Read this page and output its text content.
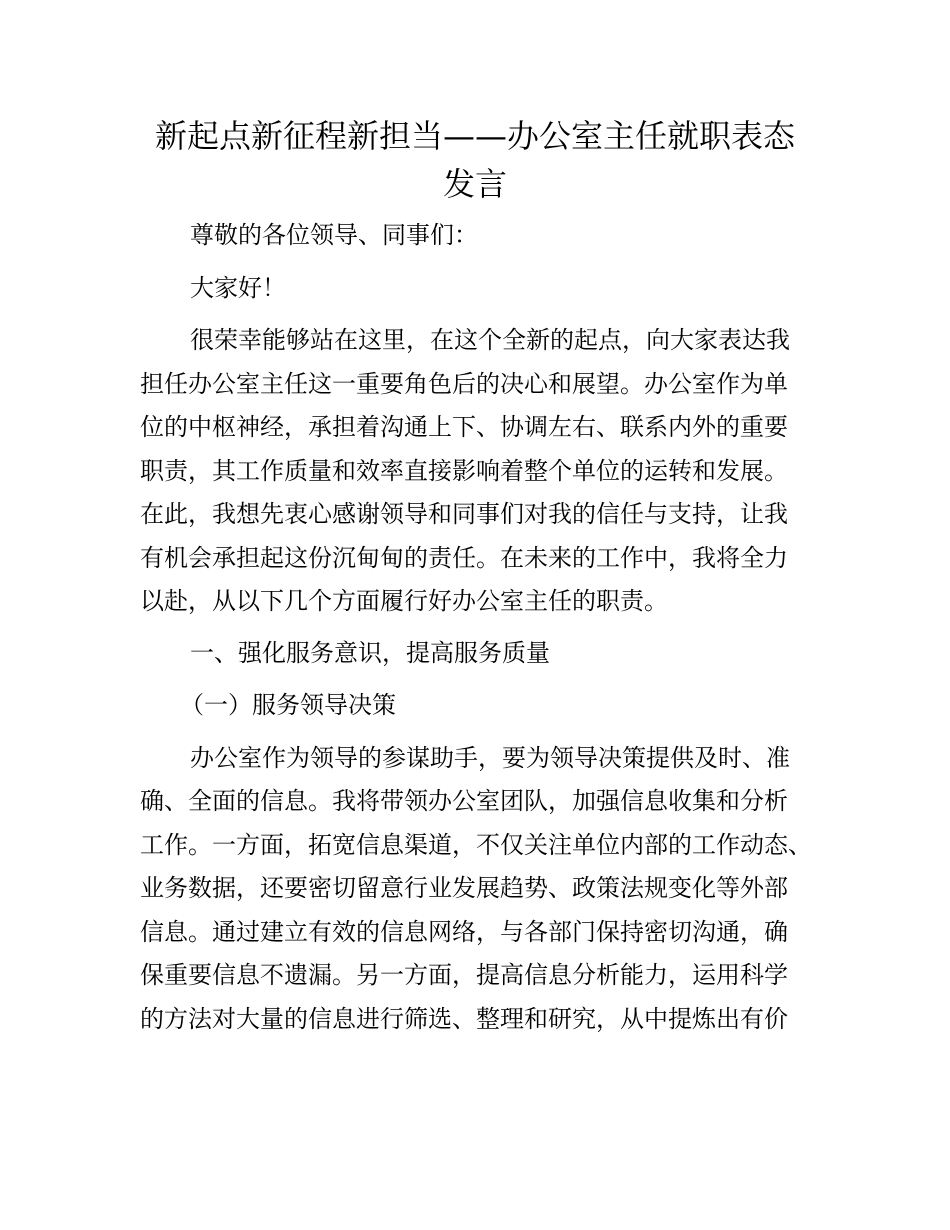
新起点新征程新担当——办公室主任就职表态
发言

尊敬的各位领导、同事们：

大家好！

很荣幸能够站在这里，在这个全新的起点，向大家表达我

担任办公室主任这一重要角色后的决心和展望。办公室作为单

位的中枢神经，承担着沟通上下、协调左右、联系内外的重要

职责，其工作质量和效率直接影响着整个单位的运转和发展。

在此，我想先衷心感谢领导和同事们对我的信任与支持，让我

有机会承担起这份沉甸甸的责任。在未来的工作中，我将全力

以赴，从以下几个方面履行好办公室主任的职责。

一、强化服务意识，提高服务质量

（一）服务领导决策

办公室作为领导的参谋助手，要为领导决策提供及时、准

确、全面的信息。我将带领办公室团队，加强信息收集和分析

工作。一方面，拓宽信息渠道，不仅关注单位内部的工作动态、

业务数据，还要密切留意行业发展趋势、政策法规变化等外部

信息。通过建立有效的信息网络，与各部门保持密切沟通，确

保重要信息不遗漏。另一方面，提高信息分析能力，运用科学

的方法对大量的信息进行筛选、整理和研究，从中提炼出有价
